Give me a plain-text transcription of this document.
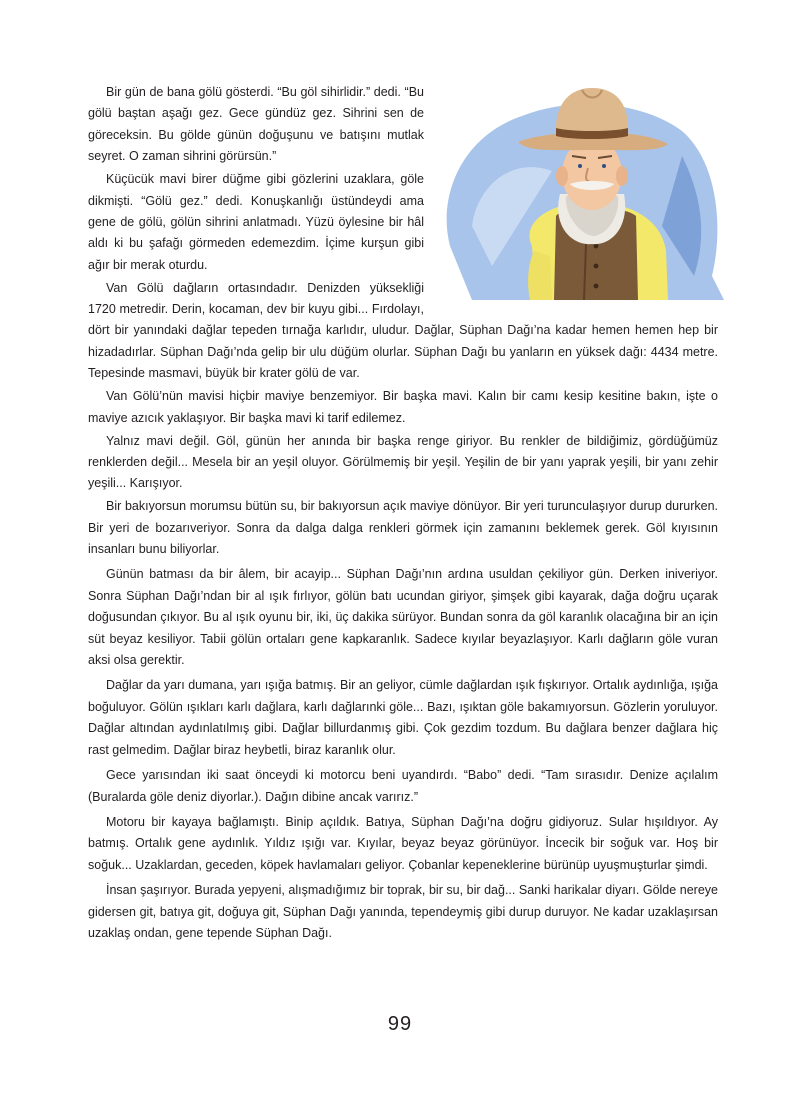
Bir gün de bana gölü gösterdi. “Bu göl sihirlidir.” dedi. “Bu gölü baştan aşağı gez. Gece gündüz gez. Sihrini sen de göreceksin. Bu gölde günün doğuşunu ve batışını mutlak seyret. O zaman sihrini görürsün.”

Küçücük mavi birer düğme gibi gözlerini uzaklara, göle dikmişti. “Gölü gez.” dedi. Konuşkanlığı üstündeydi ama gene de gölü, gölün sihrini anlatmadı. Yüzü öylesine bir hâl aldı ki bu şafağı görmeden edemezdim. İçime kurşun gibi ağır bir merak oturdu.

Van Gölü dağların ortasındadır. Denizden yüksekliği 1720 metredir. Derin, kocaman, dev bir kuyu gibi... Fırdolayı, dört bir yanındaki dağlar tepeden tırnağa karlıdır, uludur. Dağlar, Süphan Dağı’na kadar hemen hemen hep bir hizadadırlar. Süphan Dağı’nda gelip bir ulu düğüm olurlar. Süphan Dağı bu yanların en yüksek dağı: 4434 metre. Tepesinde masmavi, büyük bir krater gölü de var.

Van Gölü’nün mavisi hiçbir maviye benzemiyor. Bir başka mavi. Kalın bir camı kesip kesitine bakın, işte o maviye azıcık yaklaşıyor. Bir başka mavi ki tarif edilemez.

Yalnız mavi değil. Göl, günün her anında bir başka renge giriyor. Bu renkler de bildiğimiz, gördüğümüz renklerden değil... Mesela bir an yeşil oluyor. Görülmemiş bir yeşil. Yeşilin de bir yanı yaprak yeşili, bir yanı zehir yeşili... Karışıyor.

Bir bakıyorsun morumsu bütün su, bir bakıyorsun açık maviye dönüyor. Bir yeri turunculaşıyor durup dururken. Bir yeri de bozarıveriyor. Sonra da dalga dalga renkleri görmek için zamanını beklemek gerek. Göl kıyısının insanları bunu biliyorlar.

Günün batması da bir âlem, bir acayip... Süphan Dağı’nın ardına usuldan çekiliyor gün. Derken iniveriyor. Sonra Süphan Dağı’ndan bir al ışık fırlıyor, gölün batı ucundan giriyor, şimşek gibi kayarak, dağa doğru uçarak doğusundan çıkıyor. Bu al ışık oyunu bir, iki, üç dakika sürüyor. Bundan sonra da göl karanlık olacağına bir an için süt beyaz kesiliyor. Tabii gölün ortaları gene kapkaranlık. Sadece kıyılar beyazlaşıyor. Karlı dağların göle vuran aksi olsa gerektir.

Dağlar da yarı dumana, yarı ışığa batmış. Bir an geliyor, cümle dağlardan ışık fışkırıyor. Ortalık aydınlığa, ışığa boğuluyor. Gölün ışıkları karlı dağlara, karlı dağlarınki göle... Bazı, ışıktan göle bakamıyorsun. Gözlerin yoruluyor. Dağlar altından aydınlatılmış gibi. Dağlar billurdanmış gibi. Çok gezdim tozdum. Bu dağlara benzer dağlara hiç rast gelmedim. Dağlar biraz heybetli, biraz karanlık olur.

Gece yarısından iki saat önceydi ki motorcu beni uyandırdı. “Babo” dedi. “Tam sırasıdır. Denize açılalım (Buralarda göle deniz diyorlar.). Dağın dibine ancak varırız.”

Motoru bir kayaya bağlamıştı. Binip açıldık. Batıya, Süphan Dağı’na doğru gidiyoruz. Sular hışıldıyor. Ay batmış. Ortalık gene aydınlık. Yıldız ışığı var. Kıyılar, beyaz beyaz görünüyor. İncecik bir soğuk var. Hoş bir soğuk... Uzaklardan, geceden, köpek havlamaları geliyor. Çobanlar kepeneklerine bürünüp uyuşmuşturlar şimdi.

İnsan şaşırıyor. Burada yepyeni, alışmadığımız bir toprak, bir su, bir dağ... Sanki harikalar diyarı. Gölde nereye gidersen git, batıya git, doğuya git, Süphan Dağı yanında, tependeymiş gibi durup duruyor. Ne kadar uzaklaşırsan uzaklaş ondan, gene tepende Süphan Dağı.

99
